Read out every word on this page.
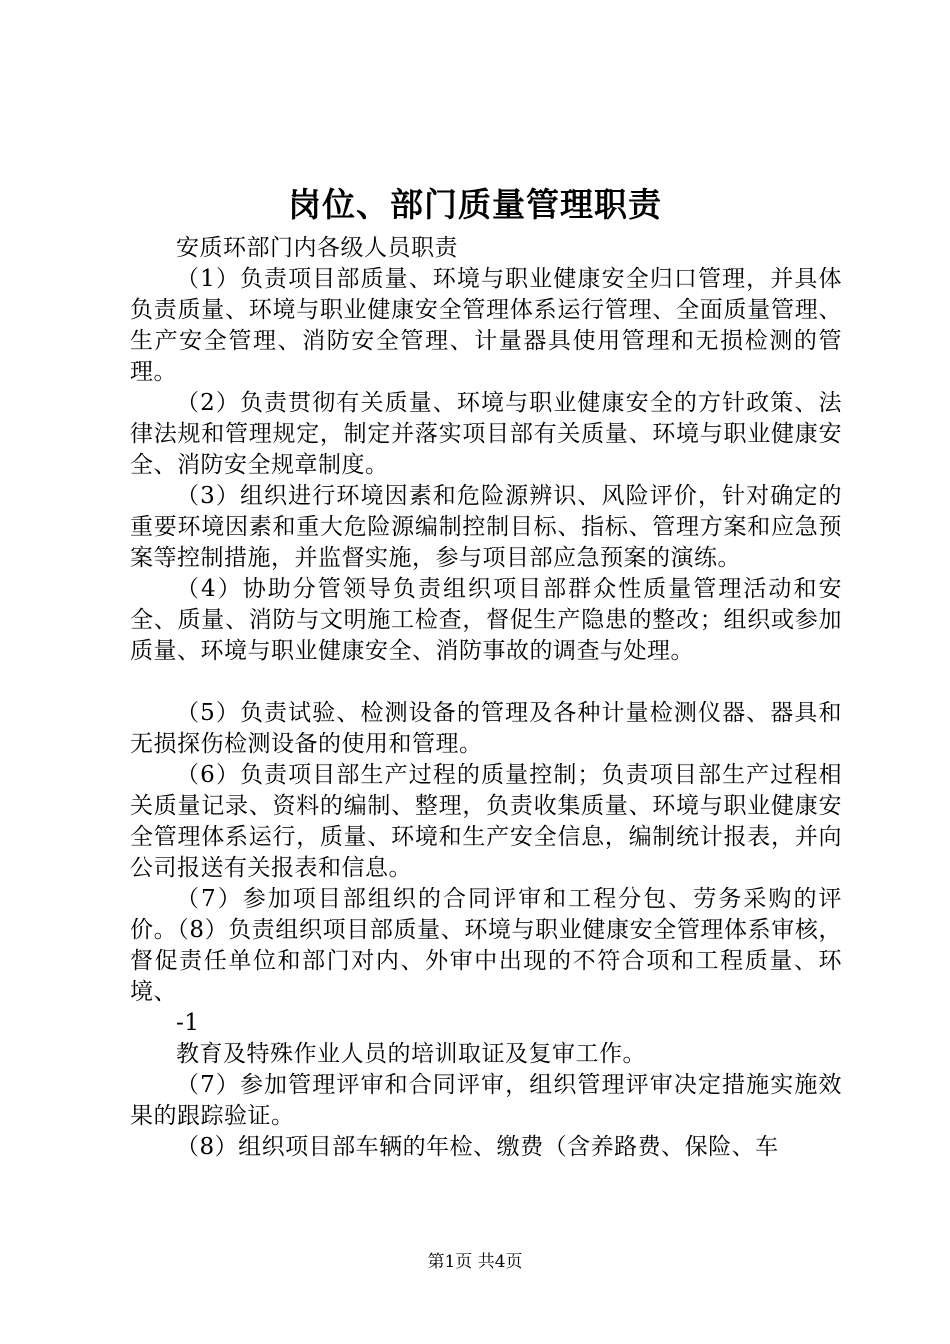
岗位、部门质量管理职责

安质环部门内各级人员职责

（1）负责项目部质量、环境与职业健康安全归口管理，并具体负责质量、环境与职业健康安全管理体系运行管理、全面质量管理、生产安全管理、消防安全管理、计量器具使用管理和无损检测的管理。

（2）负责贯彻有关质量、环境与职业健康安全的方针政策、法律法规和管理规定，制定并落实项目部有关质量、环境与职业健康安全、消防安全规章制度。

（3）组织进行环境因素和危险源辨识、风险评价，针对确定的重要环境因素和重大危险源编制控制目标、指标、管理方案和应急预案等控制措施，并监督实施，参与项目部应急预案的演练。

（4）协助分管领导负责组织项目部群众性质量管理活动和安全、质量、消防与文明施工检查，督促生产隐患的整改；组织或参加质量、环境与职业健康安全、消防事故的调查与处理。

（5）负责试验、检测设备的管理及各种计量检测仪器、器具和无损探伤检测设备的使用和管理。

（6）负责项目部生产过程的质量控制；负责项目部生产过程相关质量记录、资料的编制、整理，负责收集质量、环境与职业健康安全管理体系运行，质量、环境和生产安全信息，编制统计报表，并向公司报送有关报表和信息。

（7）参加项目部组织的合同评审和工程分包、劳务采购的评价。（8）负责组织项目部质量、环境与职业健康安全管理体系审核，督促责任单位和部门对内、外审中出现的不符合项和工程质量、环境、

-1

教育及特殊作业人员的培训取证及复审工作。

（7）参加管理评审和合同评审，组织管理评审决定措施实施效果的跟踪验证。

（8）组织项目部车辆的年检、缴费（含养路费、保险、车

第1页 共4页
